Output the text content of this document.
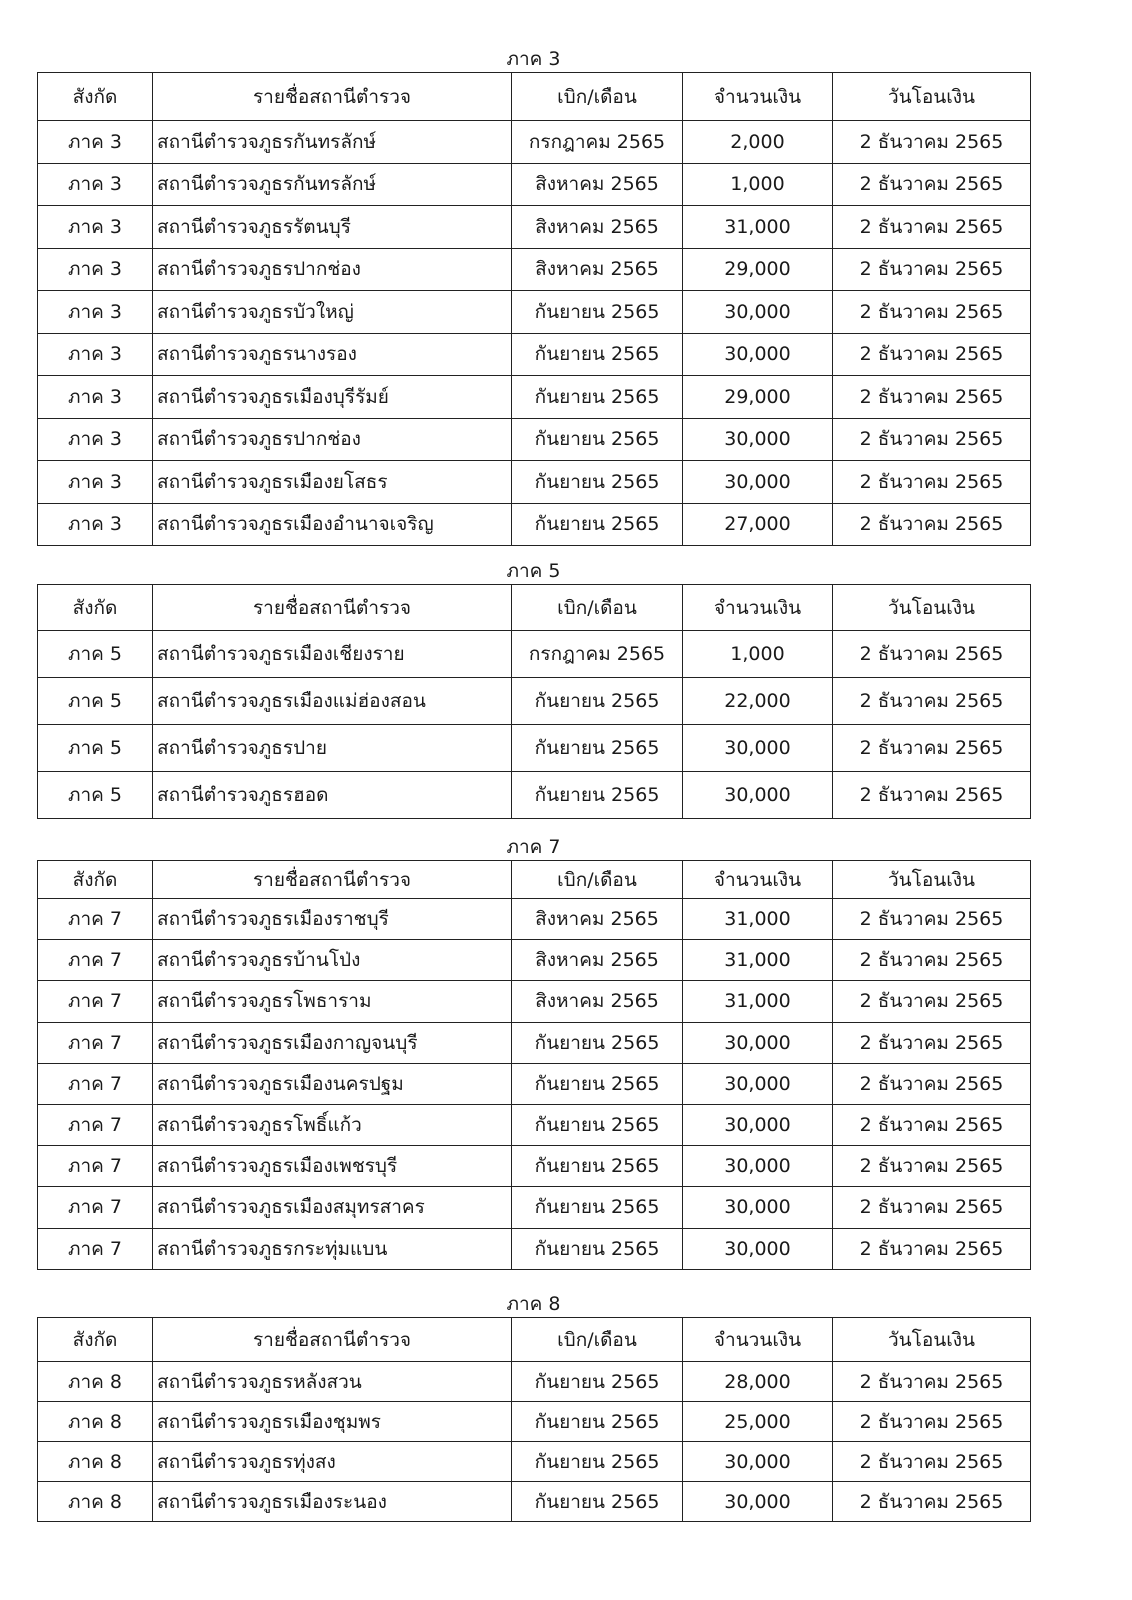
ภาค 3
สังกัด	รายชื่อสถานีตำรวจ	เบิก/เดือน	จำนวนเงิน	วันโอนเงิน
ภาค 3	สถานีตำรวจภูธรกันทรลักษ์	กรกฎาคม 2565	2,000	2 ธันวาคม 2565
ภาค 3	สถานีตำรวจภูธรกันทรลักษ์	สิงหาคม 2565	1,000	2 ธันวาคม 2565
ภาค 3	สถานีตำรวจภูธรรัตนบุรี	สิงหาคม 2565	31,000	2 ธันวาคม 2565
ภาค 3	สถานีตำรวจภูธรปากช่อง	สิงหาคม 2565	29,000	2 ธันวาคม 2565
ภาค 3	สถานีตำรวจภูธรบัวใหญ่	กันยายน 2565	30,000	2 ธันวาคม 2565
ภาค 3	สถานีตำรวจภูธรนางรอง	กันยายน 2565	30,000	2 ธันวาคม 2565
ภาค 3	สถานีตำรวจภูธรเมืองบุรีรัมย์	กันยายน 2565	29,000	2 ธันวาคม 2565
ภาค 3	สถานีตำรวจภูธรปากช่อง	กันยายน 2565	30,000	2 ธันวาคม 2565
ภาค 3	สถานีตำรวจภูธรเมืองยโสธร	กันยายน 2565	30,000	2 ธันวาคม 2565
ภาค 3	สถานีตำรวจภูธรเมืองอำนาจเจริญ	กันยายน 2565	27,000	2 ธันวาคม 2565
ภาค 5
สังกัด	รายชื่อสถานีตำรวจ	เบิก/เดือน	จำนวนเงิน	วันโอนเงิน
ภาค 5	สถานีตำรวจภูธรเมืองเชียงราย	กรกฎาคม 2565	1,000	2 ธันวาคม 2565
ภาค 5	สถานีตำรวจภูธรเมืองแม่ฮ่องสอน	กันยายน 2565	22,000	2 ธันวาคม 2565
ภาค 5	สถานีตำรวจภูธรปาย	กันยายน 2565	30,000	2 ธันวาคม 2565
ภาค 5	สถานีตำรวจภูธรฮอด	กันยายน 2565	30,000	2 ธันวาคม 2565
ภาค 7
สังกัด	รายชื่อสถานีตำรวจ	เบิก/เดือน	จำนวนเงิน	วันโอนเงิน
ภาค 7	สถานีตำรวจภูธรเมืองราชบุรี	สิงหาคม 2565	31,000	2 ธันวาคม 2565
ภาค 7	สถานีตำรวจภูธรบ้านโป่ง	สิงหาคม 2565	31,000	2 ธันวาคม 2565
ภาค 7	สถานีตำรวจภูธรโพธาราม	สิงหาคม 2565	31,000	2 ธันวาคม 2565
ภาค 7	สถานีตำรวจภูธรเมืองกาญจนบุรี	กันยายน 2565	30,000	2 ธันวาคม 2565
ภาค 7	สถานีตำรวจภูธรเมืองนครปฐม	กันยายน 2565	30,000	2 ธันวาคม 2565
ภาค 7	สถานีตำรวจภูธรโพธิ์แก้ว	กันยายน 2565	30,000	2 ธันวาคม 2565
ภาค 7	สถานีตำรวจภูธรเมืองเพชรบุรี	กันยายน 2565	30,000	2 ธันวาคม 2565
ภาค 7	สถานีตำรวจภูธรเมืองสมุทรสาคร	กันยายน 2565	30,000	2 ธันวาคม 2565
ภาค 7	สถานีตำรวจภูธรกระทุ่มแบน	กันยายน 2565	30,000	2 ธันวาคม 2565
ภาค 8
สังกัด	รายชื่อสถานีตำรวจ	เบิก/เดือน	จำนวนเงิน	วันโอนเงิน
ภาค 8	สถานีตำรวจภูธรหลังสวน	กันยายน 2565	28,000	2 ธันวาคม 2565
ภาค 8	สถานีตำรวจภูธรเมืองชุมพร	กันยายน 2565	25,000	2 ธันวาคม 2565
ภาค 8	สถานีตำรวจภูธรทุ่งสง	กันยายน 2565	30,000	2 ธันวาคม 2565
ภาค 8	สถานีตำรวจภูธรเมืองระนอง	กันยายน 2565	30,000	2 ธันวาคม 2565
